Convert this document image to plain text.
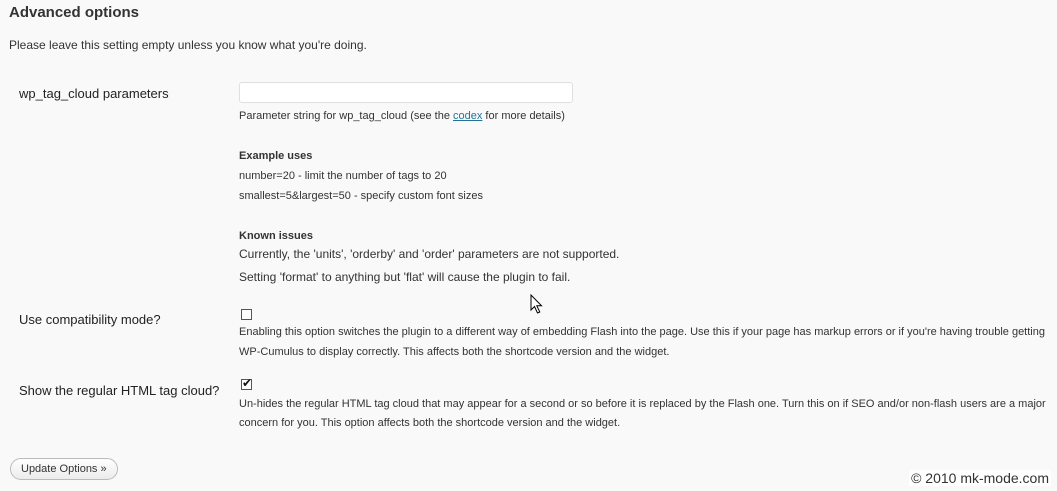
Advanced options
Please leave this setting empty unless you know what you're doing.
wp_tag_cloud parameters
Parameter string for wp_tag_cloud (see the codex for more details)
Example uses
number=20 - limit the number of tags to 20
smallest=5&largest=50 - specify custom font sizes
Known issues
Currently, the 'units', 'orderby' and 'order' parameters are not supported.
Setting 'format' to anything but 'flat' will cause the plugin to fail.
Use compatibility mode?
Enabling this option switches the plugin to a different way of embedding Flash into the page. Use this if your page has markup errors or if you're having trouble getting
WP-Cumulus to display correctly. This affects both the shortcode version and the widget.
Show the regular HTML tag cloud? ✔
Un-hides the regular HTML tag cloud that may appear for a second or so before it is replaced by the Flash one. Turn this on if SEO and/or non-flash users are a major
concern for you. This option affects both the shortcode version and the widget.
Update Options »
© 2010 mk-mode.com
